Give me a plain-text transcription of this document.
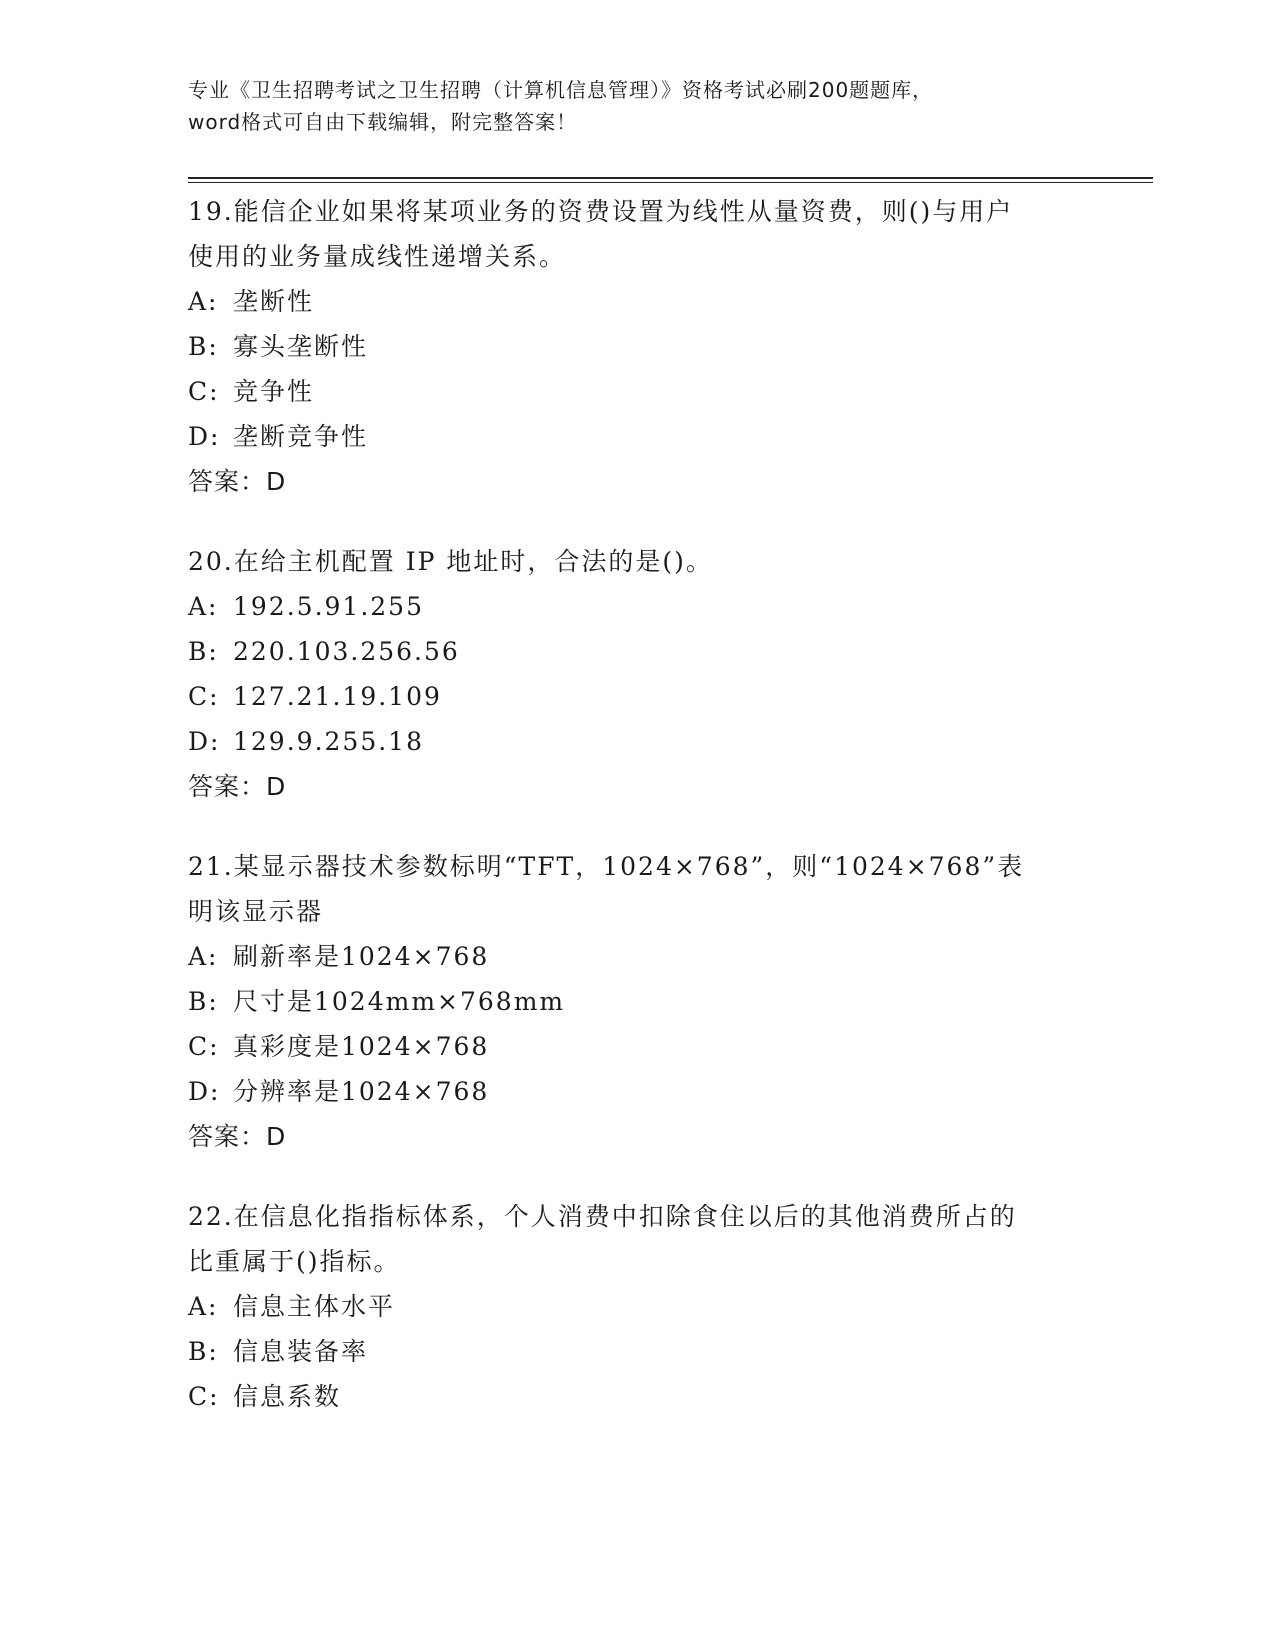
专业《卫生招聘考试之卫生招聘（计算机信息管理）》资格考试必刷200题题库，
word格式可自由下载编辑，附完整答案！
19.能信企业如果将某项业务的资费设置为线性从量资费，则()与用户
使用的业务量成线性递增关系。
A: 垄断性
B: 寡头垄断性
C: 竞争性
D: 垄断竞争性
答案：D
20.在给主机配置 IP 地址时，合法的是()。
A: 192.5.91.255
B: 220.103.256.56
C: 127.21.19.109
D: 129.9.255.18
答案：D
21.某显示器技术参数标明“TFT，1024×768”，则“1024×768”表
明该显示器
A: 刷新率是1024×768
B: 尺寸是1024mm×768mm
C: 真彩度是1024×768
D: 分辨率是1024×768
答案：D
22.在信息化指指标体系，个人消费中扣除食住以后的其他消费所占的
比重属于()指标。
A: 信息主体水平
B: 信息装备率
C: 信息系数
